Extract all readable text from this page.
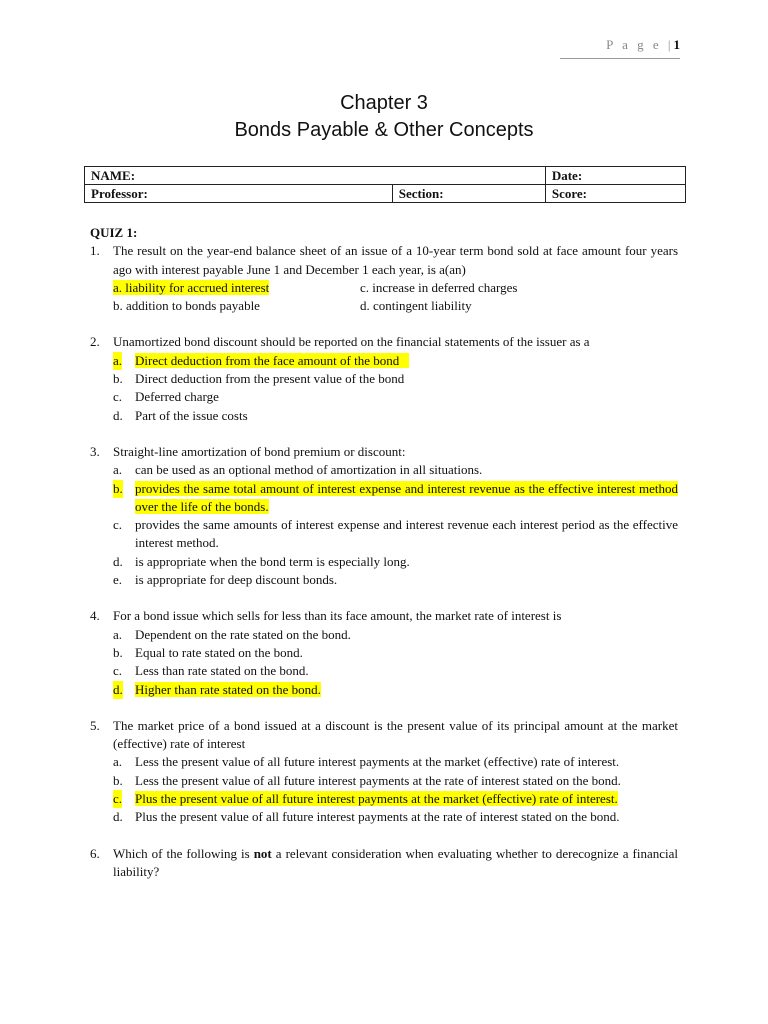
P a g e |1
Chapter 3
Bonds Payable & Other Concepts
NAME:		Date:
Professor:	Section:	Score:
QUIZ 1:
1. The result on the year-end balance sheet of an issue of a 10-year term bond sold at face amount four years ago with interest payable June 1 and December 1 each year, is a(an)
a. liability for accrued interest	c. increase in deferred charges
b. addition to bonds payable	d. contingent liability
2. Unamortized bond discount should be reported on the financial statements of the issuer as a
a. Direct deduction from the face amount of the bond
b. Direct deduction from the present value of the bond
c. Deferred charge
d. Part of the issue costs
3. Straight-line amortization of bond premium or discount:
a. can be used as an optional method of amortization in all situations.
b. provides the same total amount of interest expense and interest revenue as the effective interest method over the life of the bonds.
c. provides the same amounts of interest expense and interest revenue each interest period as the effective interest method.
d. is appropriate when the bond term is especially long.
e. is appropriate for deep discount bonds.
4. For a bond issue which sells for less than its face amount, the market rate of interest is
a. Dependent on the rate stated on the bond.
b. Equal to rate stated on the bond.
c. Less than rate stated on the bond.
d. Higher than rate stated on the bond.
5. The market price of a bond issued at a discount is the present value of its principal amount at the market (effective) rate of interest
a. Less the present value of all future interest payments at the market (effective) rate of interest.
b. Less the present value of all future interest payments at the rate of interest stated on the bond.
c. Plus the present value of all future interest payments at the market (effective) rate of interest.
d. Plus the present value of all future interest payments at the rate of interest stated on the bond.
6. Which of the following is not a relevant consideration when evaluating whether to derecognize a financial liability?
